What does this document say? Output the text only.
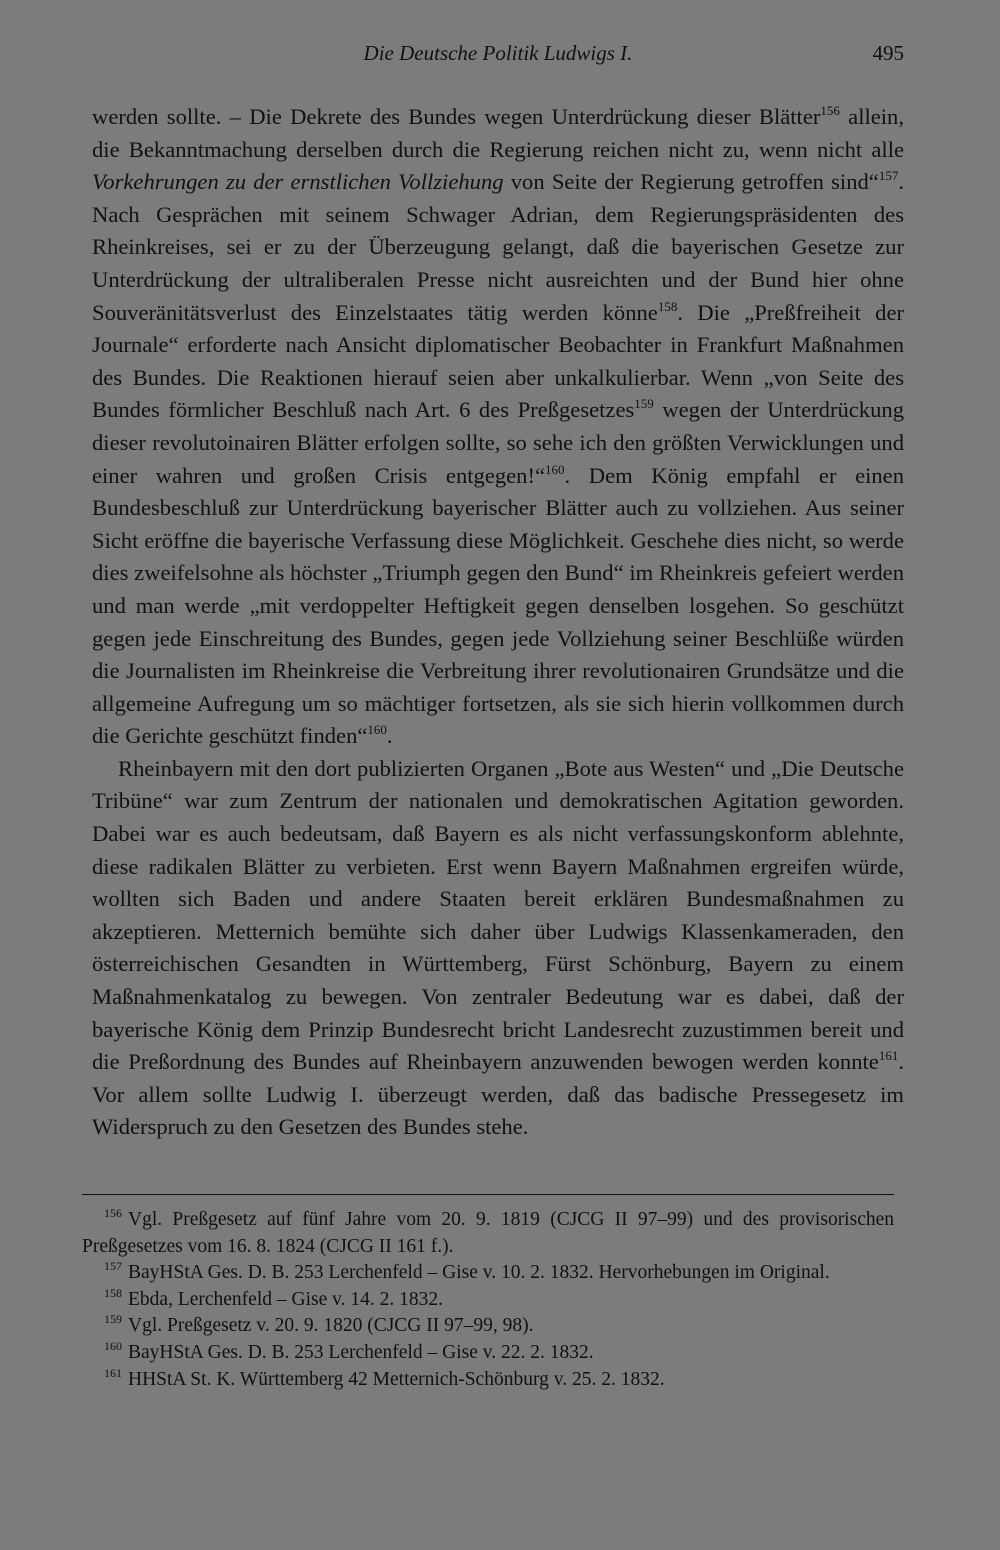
Die Deutsche Politik Ludwigs I.	495

werden sollte. – Die Dekrete des Bundes wegen Unterdrückung dieser Blätter$^{156}$ allein, die Bekanntmachung derselben durch die Regierung reichen nicht zu, wenn nicht alle Vorkehrungen zu der ernstlichen Vollziehung von Seite der Regierung getroffen sind“$^{157}$. Nach Gesprächen mit seinem Schwager Adrian, dem Regierungspräsidenten des Rheinkreises, sei er zu der Überzeugung gelangt, daß die bayerischen Gesetze zur Unterdrückung der ultraliberalen Presse nicht ausreichten und der Bund hier ohne Souveränitätsverlust des Einzelstaates tätig werden könne$^{158}$. Die „Preßfreiheit der Journale“ erforderte nach Ansicht diplomatischer Beobachter in Frankfurt Maßnahmen des Bundes. Die Reaktionen hierauf seien aber unkalkulierbar. Wenn „von Seite des Bundes förmlicher Beschluß nach Art. 6 des Preßgesetzes$^{159}$ wegen der Unterdrückung dieser revolutoinairen Blätter erfolgen sollte, so sehe ich den größten Verwicklungen und einer wahren und großen Crisis entgegen!“$^{160}$. Dem König empfahl er einen Bundesbeschluß zur Unterdrückung bayerischer Blätter auch zu vollziehen. Aus seiner Sicht eröffne die bayerische Verfassung diese Möglichkeit. Geschehe dies nicht, so werde dies zweifelsohne als höchster „Triumph gegen den Bund“ im Rheinkreis gefeiert werden und man werde „mit verdoppelter Heftigkeit gegen denselben losgehen. So geschützt gegen jede Einschreitung des Bundes, gegen jede Vollziehung seiner Beschlüße würden die Journalisten im Rheinkreise die Verbreitung ihrer revolutionairen Grundsätze und die allgemeine Aufregung um so mächtiger fortsetzen, als sie sich hierin vollkommen durch die Gerichte geschützt finden“$^{160}$.

Rheinbayern mit den dort publizierten Organen „Bote aus Westen“ und „Die Deutsche Tribüne“ war zum Zentrum der nationalen und demokratischen Agitation geworden. Dabei war es auch bedeutsam, daß Bayern es als nicht verfassungskonform ablehnte, diese radikalen Blätter zu verbieten. Erst wenn Bayern Maßnahmen ergreifen würde, wollten sich Baden und andere Staaten bereit erklären Bundesmaßnahmen zu akzeptieren. Metternich bemühte sich daher über Ludwigs Klassenkameraden, den österreichischen Gesandten in Württemberg, Fürst Schönburg, Bayern zu einem Maßnahmenkatalog zu bewegen. Von zentraler Bedeutung war es dabei, daß der bayerische König dem Prinzip Bundesrecht bricht Landesrecht zuzustimmen bereit und die Preßordnung des Bundes auf Rheinbayern anzuwenden bewogen werden konnte$^{161}$. Vor allem sollte Ludwig I. überzeugt werden, daß das badische Pressegesetz im Widerspruch zu den Gesetzen des Bundes stehe.

$^{156}$ Vgl. Preßgesetz auf fünf Jahre vom 20. 9. 1819 (CJCG II 97–99) und des provisorischen Preßgesetzes vom 16. 8. 1824 (CJCG II 161 f.).
$^{157}$ BayHStA Ges. D. B. 253 Lerchenfeld – Gise v. 10. 2. 1832. Hervorhebungen im Original.
$^{158}$ Ebda, Lerchenfeld – Gise v. 14. 2. 1832.
$^{159}$ Vgl. Preßgesetz v. 20. 9. 1820 (CJCG II 97–99, 98).
$^{160}$ BayHStA Ges. D. B. 253 Lerchenfeld – Gise v. 22. 2. 1832.
$^{161}$ HHStA St. K. Württemberg 42 Metternich-Schönburg v. 25. 2. 1832.
